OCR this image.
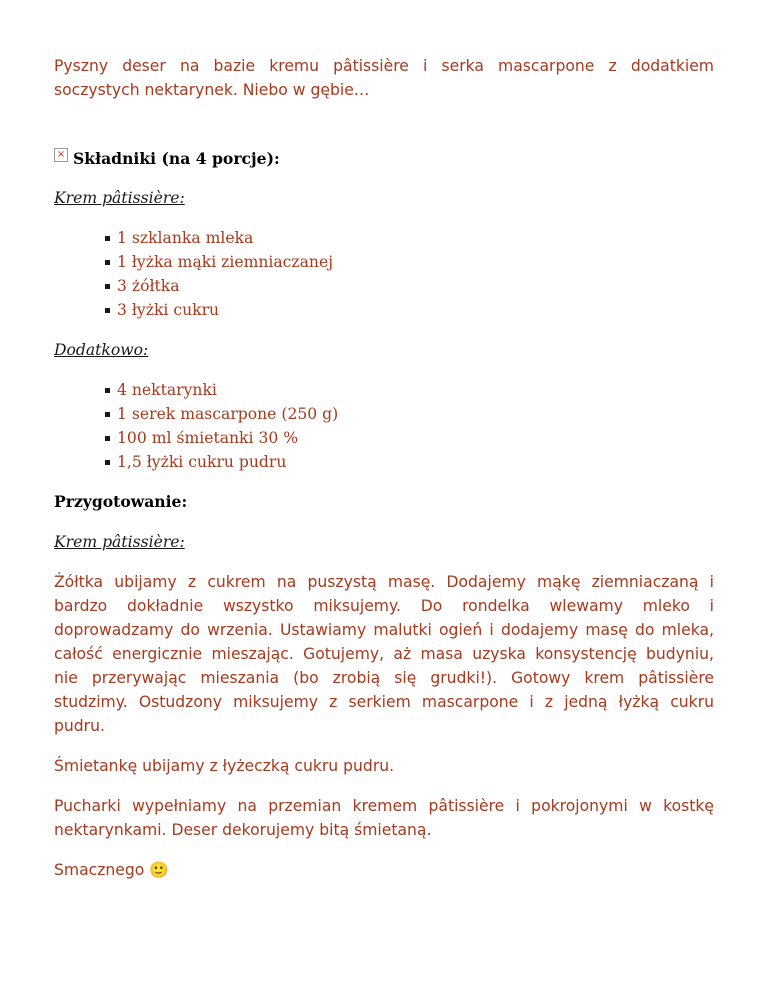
Pyszny deser na bazie kremu pâtissière i serka mascarpone z dodatkiem

soczystych nektarynek. Niebo w gębie…

× Składniki (na 4 porcje):

Krem pâtissière:

1 szklanka mleka
1 łyżka mąki ziemniaczanej
3 żółtka
3 łyżki cukru

Dodatkowo:

4 nektarynki
1 serek mascarpone (250 g)
100 ml śmietanki 30 %
1,5 łyżki cukru pudru

Przygotowanie:

Krem pâtissière:

Żółtka ubijamy z cukrem na puszystą masę. Dodajemy mąkę ziemniaczaną i

bardzo dokładnie wszystko miksujemy. Do rondelka wlewamy mleko i

doprowadzamy do wrzenia. Ustawiamy malutki ogień i dodajemy masę do mleka,

całość energicznie mieszając. Gotujemy, aż masa uzyska konsystencję budyniu,

nie przerywając mieszania (bo zrobią się grudki!). Gotowy krem pâtissière

studzimy. Ostudzony miksujemy z serkiem mascarpone i z jedną łyżką cukru

pudru.

Śmietankę ubijamy z łyżeczką cukru pudru.

Pucharki wypełniamy na przemian kremem pâtissière i pokrojonymi w kostkę

nektarynkami. Deser dekorujemy bitą śmietaną.

Smacznego 🙂
